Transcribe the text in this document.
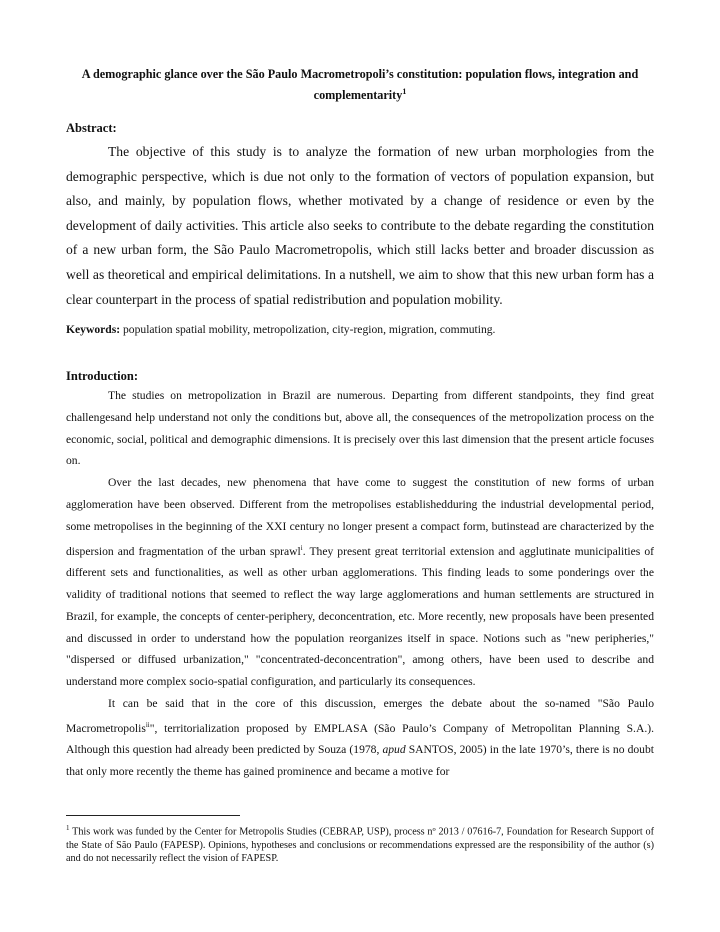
A demographic glance over the São Paulo Macrometropoli’s constitution: population flows, integration and complementarity$^1$
Abstract:

The objective of this study is to analyze the formation of new urban morphologies from the demographic perspective, which is due not only to the formation of vectors of population expansion, but also, and mainly, by population flows, whether motivated by a change of residence or even by the development of daily activities. This article also seeks to contribute to the debate regarding the constitution of a new urban form, the São Paulo Macrometropolis, which still lacks better and broader discussion as well as theoretical and empirical delimitations. In a nutshell, we aim to show that this new urban form has a clear counterpart in the process of spatial redistribution and population mobility.

Keywords: population spatial mobility, metropolization, city-region, migration, commuting.

Introduction:

The studies on metropolization in Brazil are numerous. Departing from different standpoints, they find great challengesand help understand not only the conditions but, above all, the consequences of the metropolization process on the economic, social, political and demographic dimensions. It is precisely over this last dimension that the present article focuses on.

Over the last decades, new phenomena that have come to suggest the constitution of new forms of urban agglomeration have been observed. Different from the metropolises establishedduring the industrial developmental period, some metropolises in the beginning of the XXI century no longer present a compact form, butinstead are characterized by the dispersion and fragmentation of the urban sprawl$^i$. They present great territorial extension and agglutinate municipalities of different sets and functionalities, as well as other urban agglomerations. This finding leads to some ponderings over the validity of traditional notions that seemed to reflect the way large agglomerations and human settlements are structured in Brazil, for example, the concepts of center-periphery, deconcentration, etc. More recently, new proposals have been presented and discussed in order to understand how the population reorganizes itself in space. Notions such as "new peripheries," "dispersed or diffused urbanization," "concentrated-deconcentration", among others, have been used to describe and understand more complex socio-spatial configuration, and particularly its consequences.

It can be said that in the core of this discussion, emerges the debate about the so-named "São Paulo Macrometropolis$^{ii}$", territorialization proposed by EMPLASA (São Paulo’s Company of Metropolitan Planning S.A.). Although this question had already been predicted by Souza (1978, apud SANTOS, 2005) in the late 1970’s, there is no doubt that only more recently the theme has gained prominence and became a motive for

$^1$ This work was funded by the Center for Metropolis Studies (CEBRAP, USP), process nº 2013 / 07616-7, Foundation for Research Support of the State of São Paulo (FAPESP). Opinions, hypotheses and conclusions or recommendations expressed are the responsibility of the author (s) and do not necessarily reflect the vision of FAPESP.
